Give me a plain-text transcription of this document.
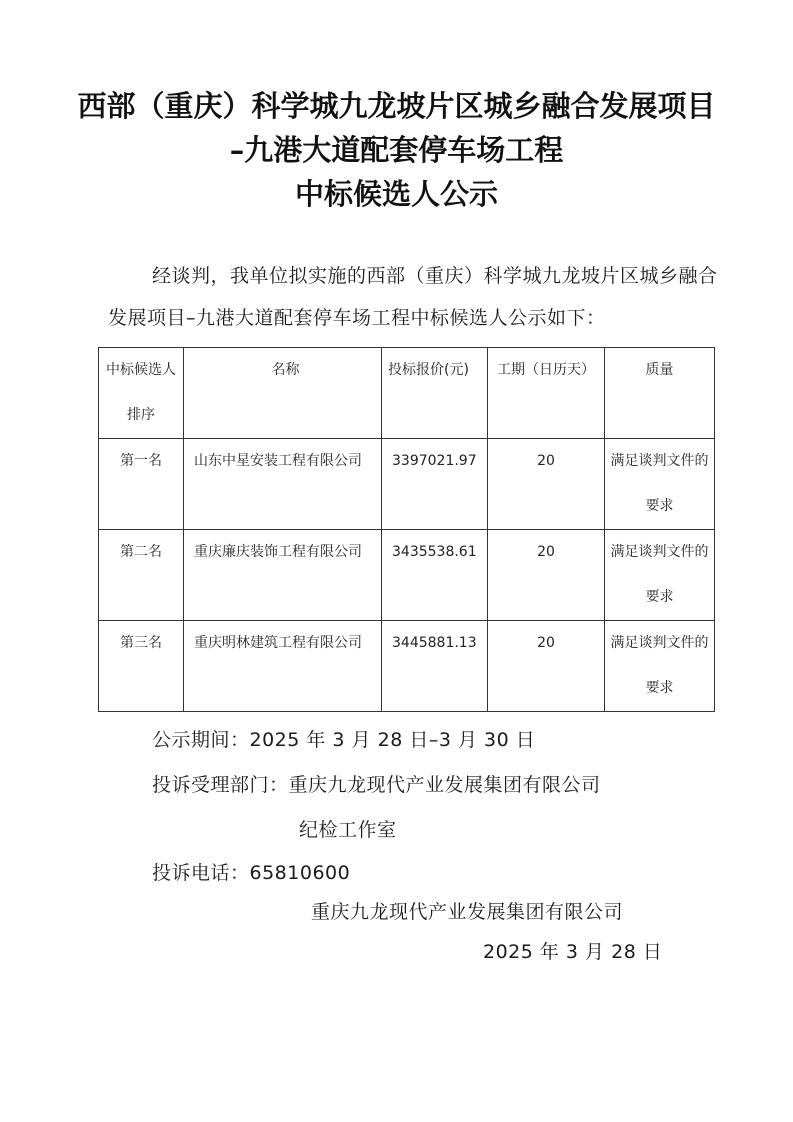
西部（重庆）科学城九龙坡片区城乡融合发展项目
–九港大道配套停车场工程
中标候选人公示
经谈判，我单位拟实施的西部（重庆）科学城九龙坡片区城乡融合发展项目–九港大道配套停车场工程中标候选人公示如下：
中标候选人排序	名称	投标报价(元)	工期（日历天）	质量
第一名	山东中星安装工程有限公司	3397021.97	20	满足谈判文件的要求
第二名	重庆廉庆装饰工程有限公司	3435538.61	20	满足谈判文件的要求
第三名	重庆明林建筑工程有限公司	3445881.13	20	满足谈判文件的要求
公示期间：2025 年 3 月 28 日–3 月 30 日
投诉受理部门：重庆九龙现代产业发展集团有限公司
纪检工作室
投诉电话：65810600
重庆九龙现代产业发展集团有限公司
2025 年 3 月 28 日
